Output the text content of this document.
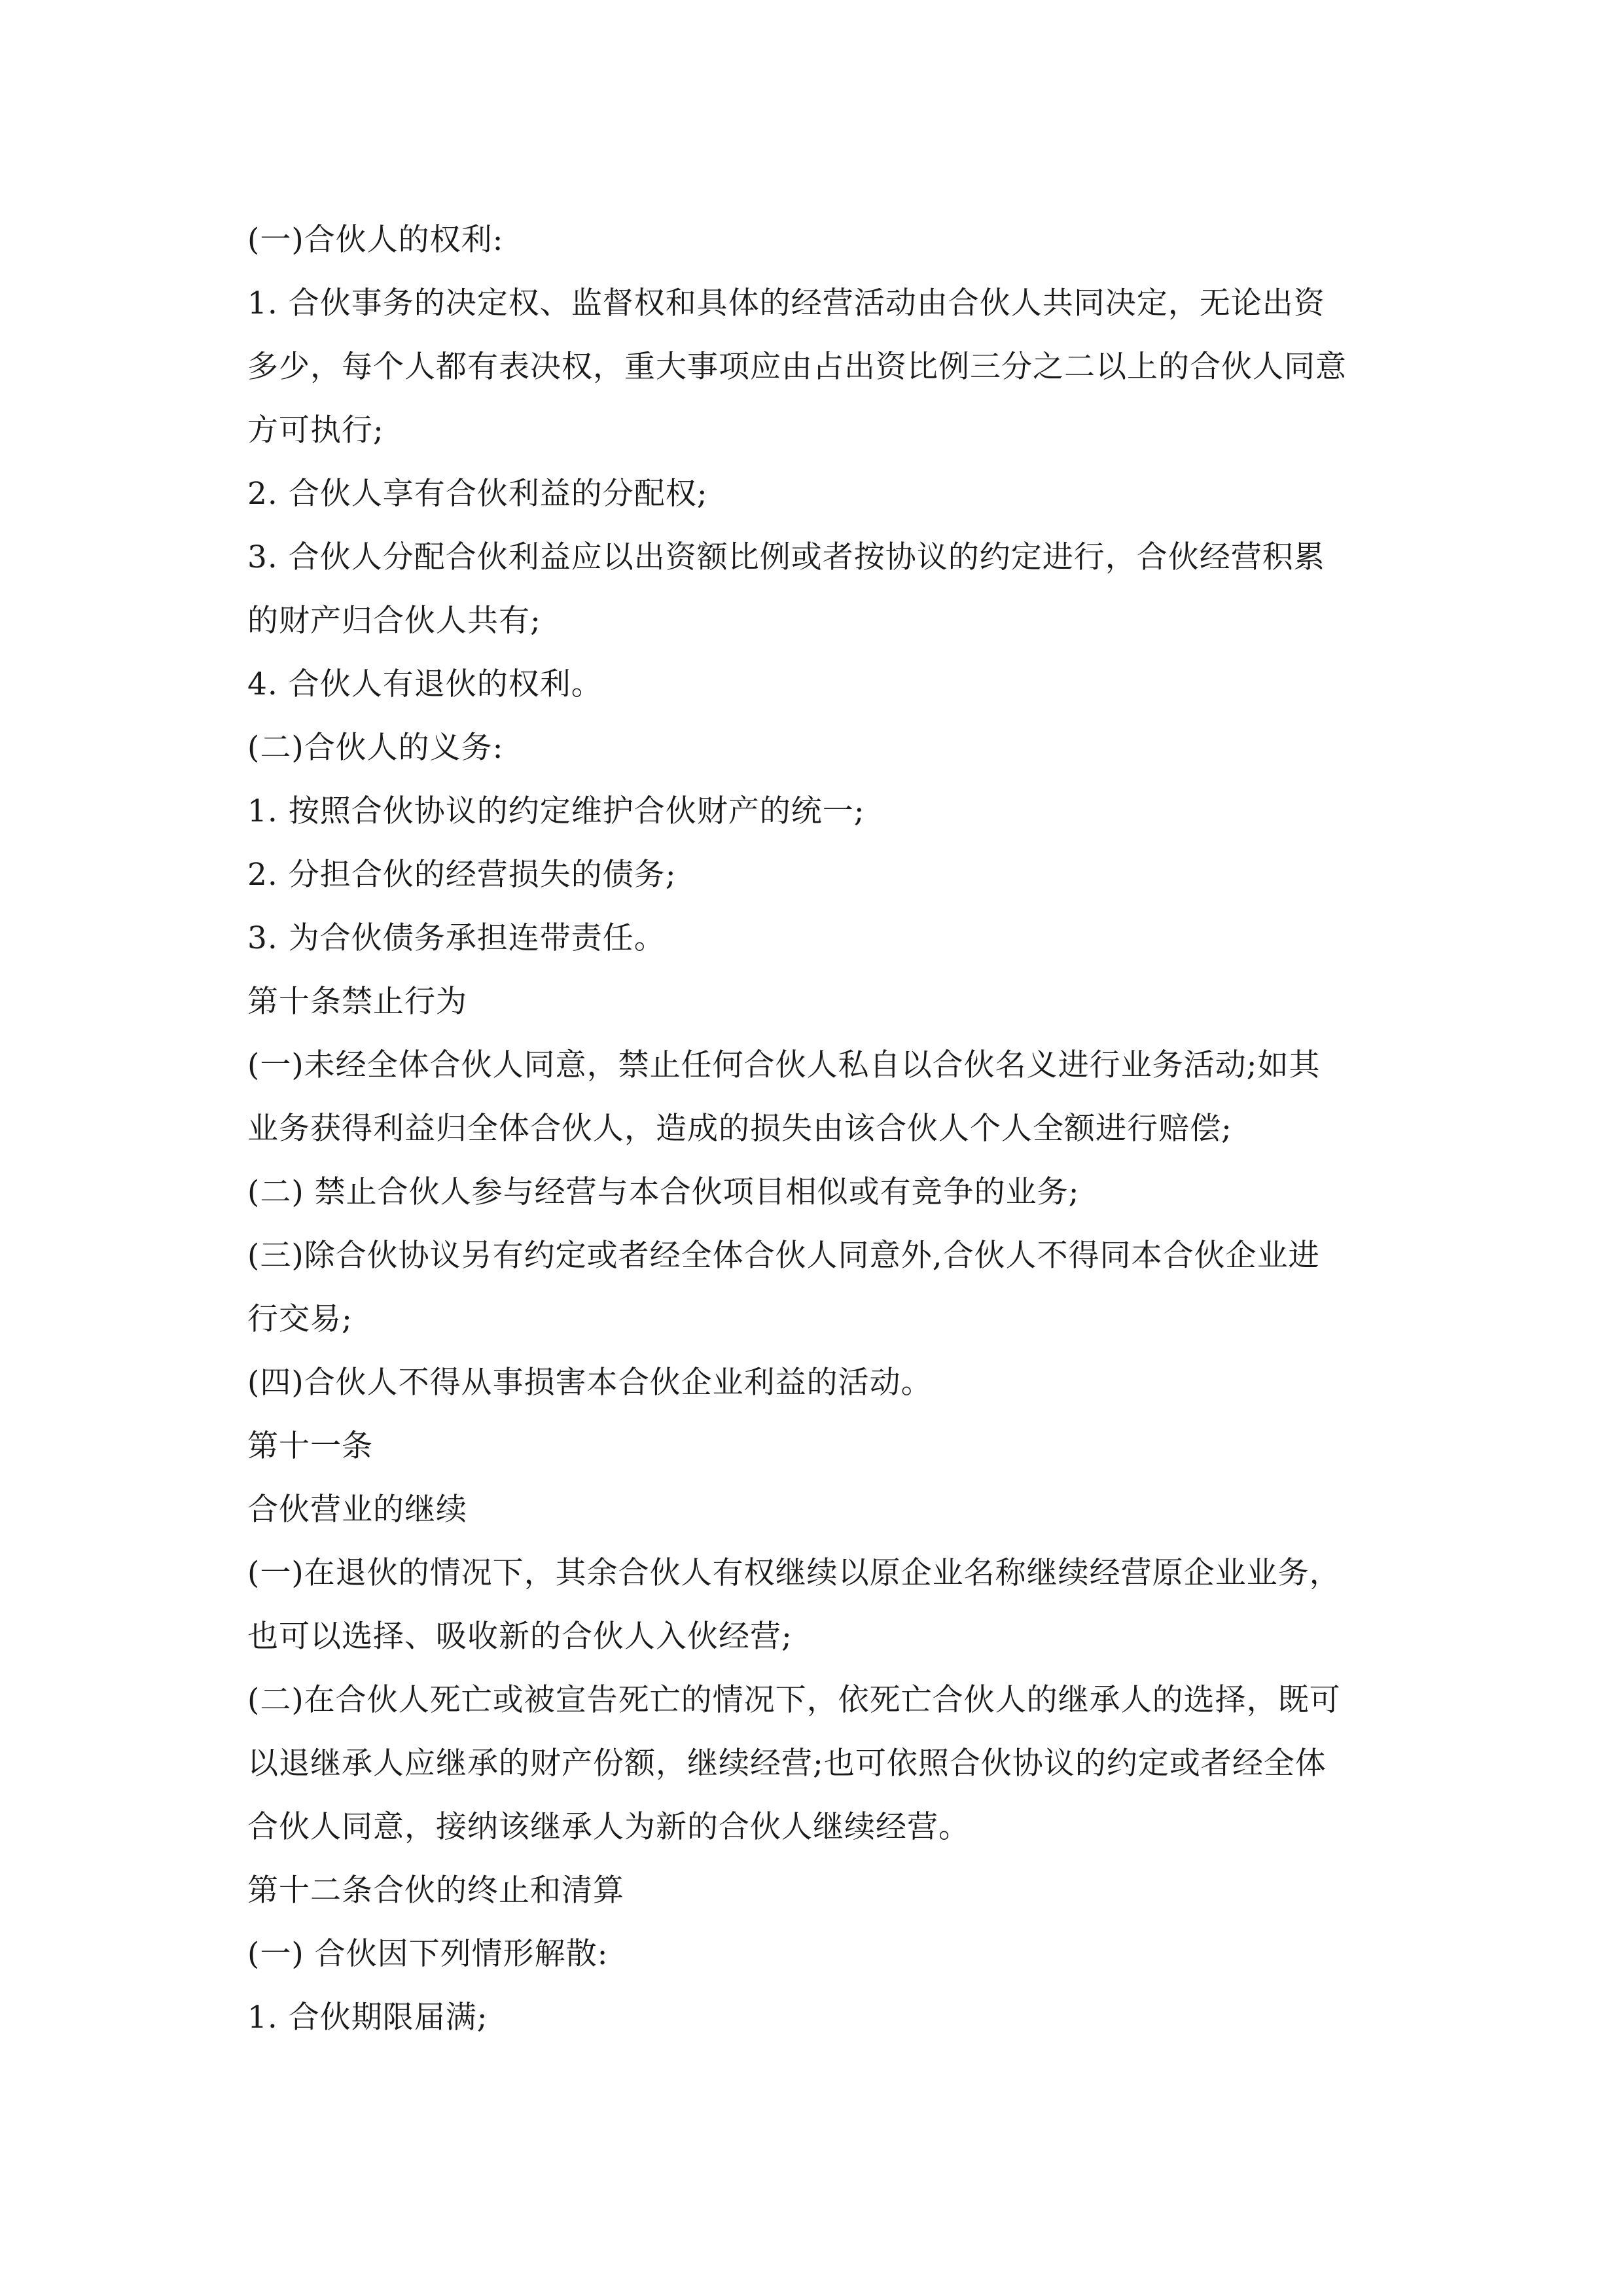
(一)合伙人的权利:
1. 合伙事务的决定权、监督权和具体的经营活动由合伙人共同决定，无论出资
多少，每个人都有表决权，重大事项应由占出资比例三分之二以上的合伙人同意
方可执行;
2. 合伙人享有合伙利益的分配权;
3. 合伙人分配合伙利益应以出资额比例或者按协议的约定进行，合伙经营积累
的财产归合伙人共有;
4. 合伙人有退伙的权利。
(二)合伙人的义务:
1. 按照合伙协议的约定维护合伙财产的统一;
2. 分担合伙的经营损失的债务;
3. 为合伙债务承担连带责任。
第十条禁止行为
(一)未经全体合伙人同意，禁止任何合伙人私自以合伙名义进行业务活动;如其
业务获得利益归全体合伙人，造成的损失由该合伙人个人全额进行赔偿;
(二) 禁止合伙人参与经营与本合伙项目相似或有竞争的业务;
(三)除合伙协议另有约定或者经全体合伙人同意外,合伙人不得同本合伙企业进
行交易;
(四)合伙人不得从事损害本合伙企业利益的活动。
第十一条
合伙营业的继续
(一)在退伙的情况下，其余合伙人有权继续以原企业名称继续经营原企业业务，
也可以选择、吸收新的合伙人入伙经营;
(二)在合伙人死亡或被宣告死亡的情况下，依死亡合伙人的继承人的选择，既可
以退继承人应继承的财产份额，继续经营;也可依照合伙协议的约定或者经全体
合伙人同意，接纳该继承人为新的合伙人继续经营。
第十二条合伙的终止和清算
(一) 合伙因下列情形解散:
1. 合伙期限届满;
